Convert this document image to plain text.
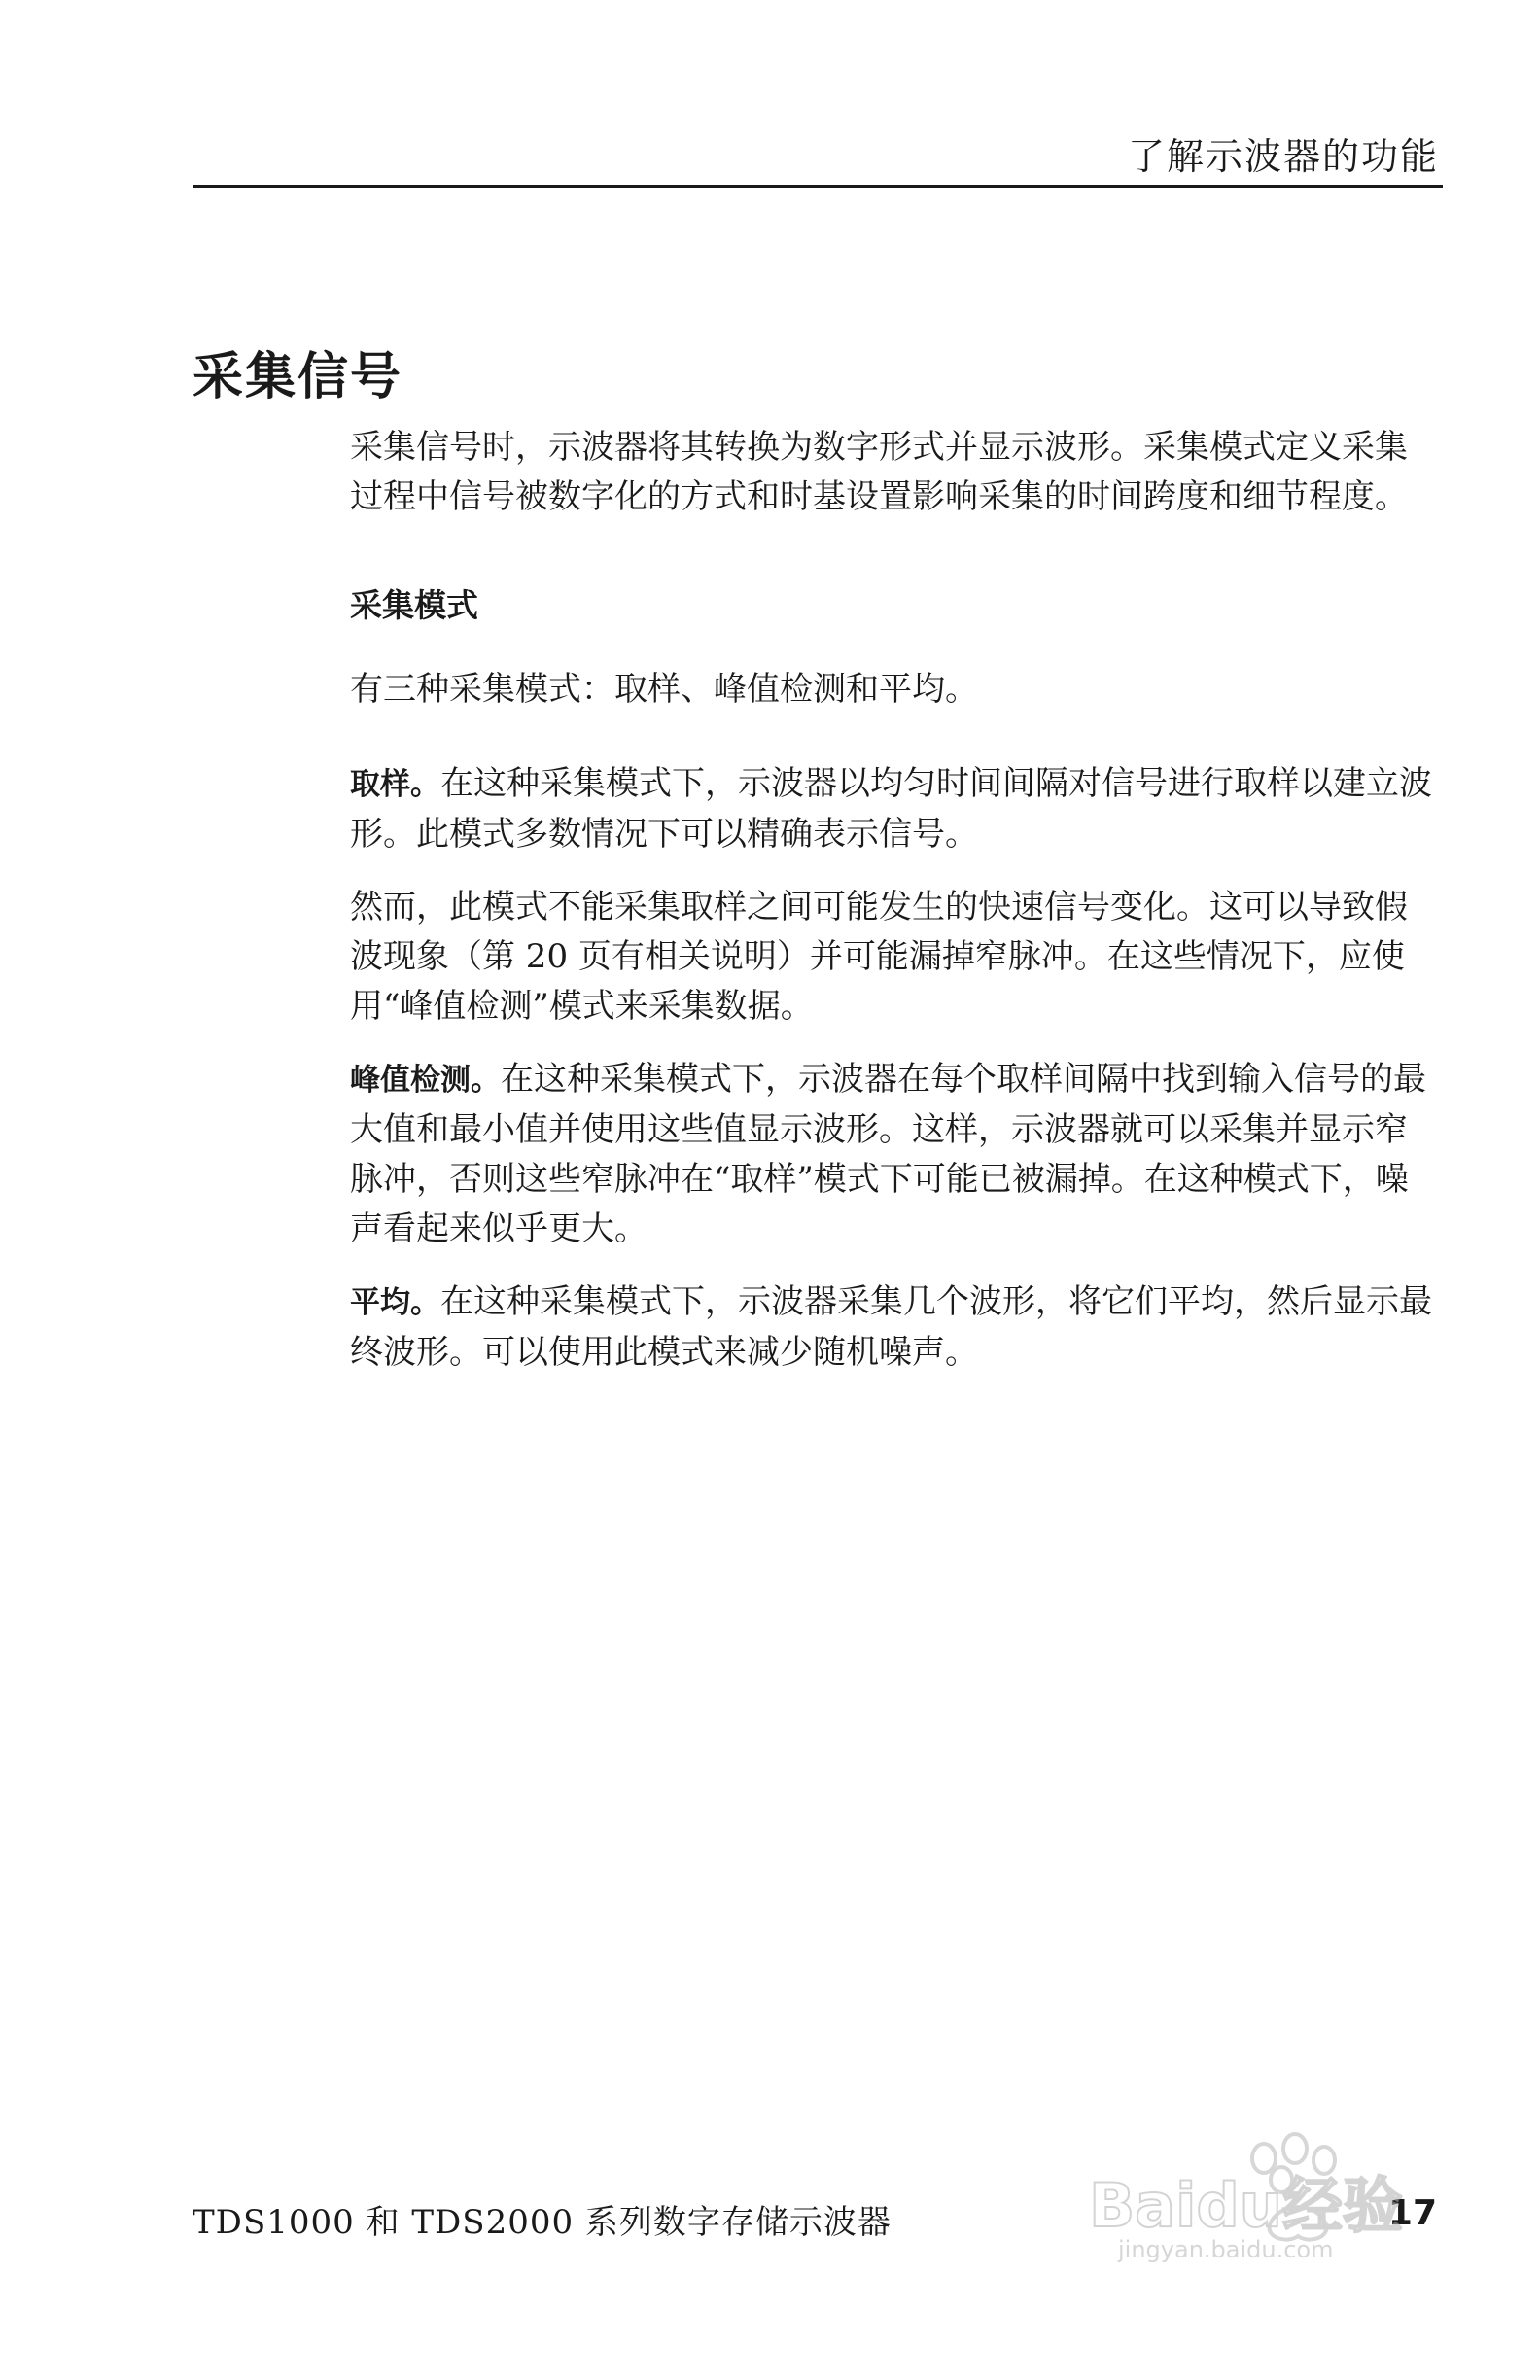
了解示波器的功能
采集信号

采集信号时，示波器将其转换为数字形式并显示波形。采集模式定义采集过程中信号被数字化的方式和时基设置影响采集的时间跨度和细节程度。

采集模式

有三种采集模式：取样、峰值检测和平均。

取样。在这种采集模式下，示波器以均匀时间间隔对信号进行取样以建立波形。此模式多数情况下可以精确表示信号。

然而，此模式不能采集取样之间可能发生的快速信号变化。这可以导致假波现象（第 20 页有相关说明）并可能漏掉窄脉冲。在这些情况下，应使用“峰值检测”模式来采集数据。

峰值检测。在这种采集模式下，示波器在每个取样间隔中找到输入信号的最大值和最小值并使用这些值显示波形。这样，示波器就可以采集并显示窄脉冲，否则这些窄脉冲在“取样”模式下可能已被漏掉。在这种模式下，噪声看起来似乎更大。

平均。在这种采集模式下，示波器采集几个波形，将它们平均，然后显示最终波形。可以使用此模式来减少随机噪声。

TDS1000 和 TDS2000 系列数字存储示波器	17
Baidu经验
jingyan.baidu.com
